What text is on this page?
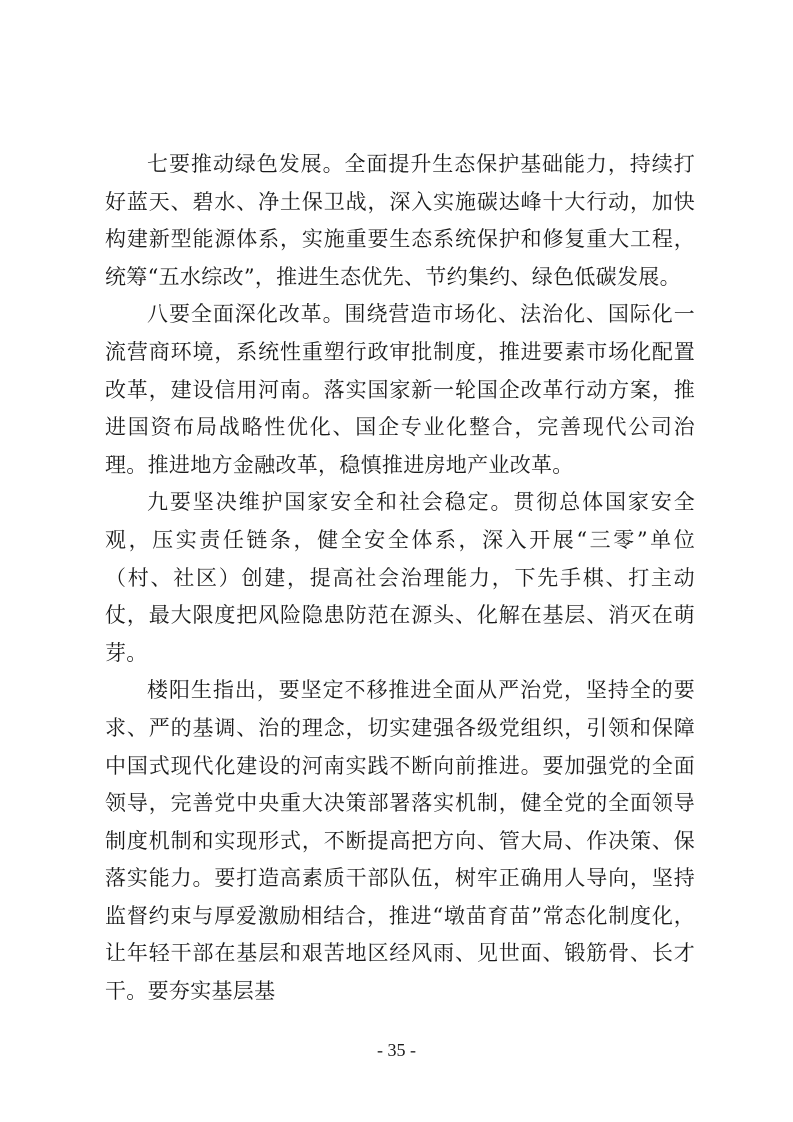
七要推动绿色发展。全面提升生态保护基础能力，持续打好蓝天、碧水、净土保卫战，深入实施碳达峰十大行动，加快构建新型能源体系，实施重要生态系统保护和修复重大工程，统筹“五水综改”，推进生态优先、节约集约、绿色低碳发展。

八要全面深化改革。围绕营造市场化、法治化、国际化一流营商环境，系统性重塑行政审批制度，推进要素市场化配置改革，建设信用河南。落实国家新一轮国企改革行动方案，推进国资布局战略性优化、国企专业化整合，完善现代公司治理。推进地方金融改革，稳慎推进房地产业改革。

九要坚决维护国家安全和社会稳定。贯彻总体国家安全观，压实责任链条，健全安全体系，深入开展“三零”单位（村、社区）创建，提高社会治理能力，下先手棋、打主动仗，最大限度把风险隐患防范在源头、化解在基层、消灭在萌芽。

楼阳生指出，要坚定不移推进全面从严治党，坚持全的要求、严的基调、治的理念，切实建强各级党组织，引领和保障中国式现代化建设的河南实践不断向前推进。要加强党的全面领导，完善党中央重大决策部署落实机制，健全党的全面领导制度机制和实现形式，不断提高把方向、管大局、作决策、保落实能力。要打造高素质干部队伍，树牢正确用人导向，坚持监督约束与厚爱激励相结合，推进“墩苗育苗”常态化制度化，让年轻干部在基层和艰苦地区经风雨、见世面、锻筋骨、长才干。要夯实基层基

- 35 -
